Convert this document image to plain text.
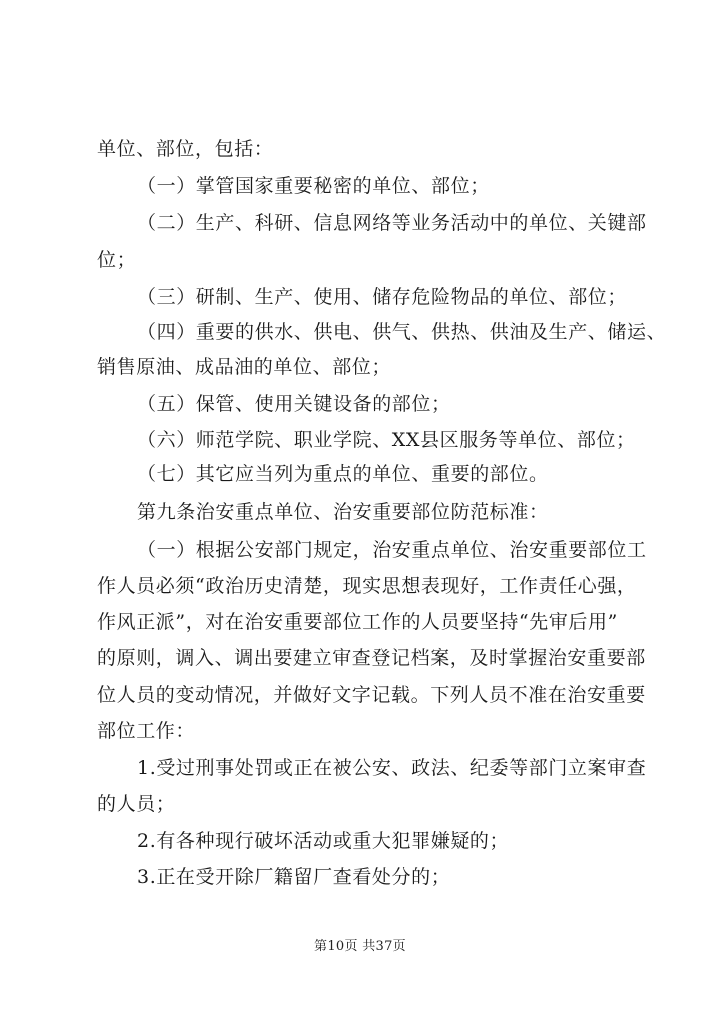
单位、部位，包括：
（一）掌管国家重要秘密的单位、部位；
（二）生产、科研、信息网络等业务活动中的单位、关键部
位；
（三）研制、生产、使用、储存危险物品的单位、部位；
（四）重要的供水、供电、供气、供热、供油及生产、储运、
销售原油、成品油的单位、部位；
（五）保管、使用关键设备的部位；
（六）师范学院、职业学院、XX县区服务等单位、部位；
（七）其它应当列为重点的单位、重要的部位。
第九条治安重点单位、治安重要部位防范标准：
（一）根据公安部门规定，治安重点单位、治安重要部位工
作人员必须“政治历史清楚，现实思想表现好，工作责任心强，
作风正派”，对在治安重要部位工作的人员要坚持“先审后用”
的原则，调入、调出要建立审查登记档案，及时掌握治安重要部
位人员的变动情况，并做好文字记载。下列人员不准在治安重要
部位工作：
1.受过刑事处罚或正在被公安、政法、纪委等部门立案审查
的人员；
2.有各种现行破坏活动或重大犯罪嫌疑的；
3.正在受开除厂籍留厂查看处分的；
第10页 共37页
